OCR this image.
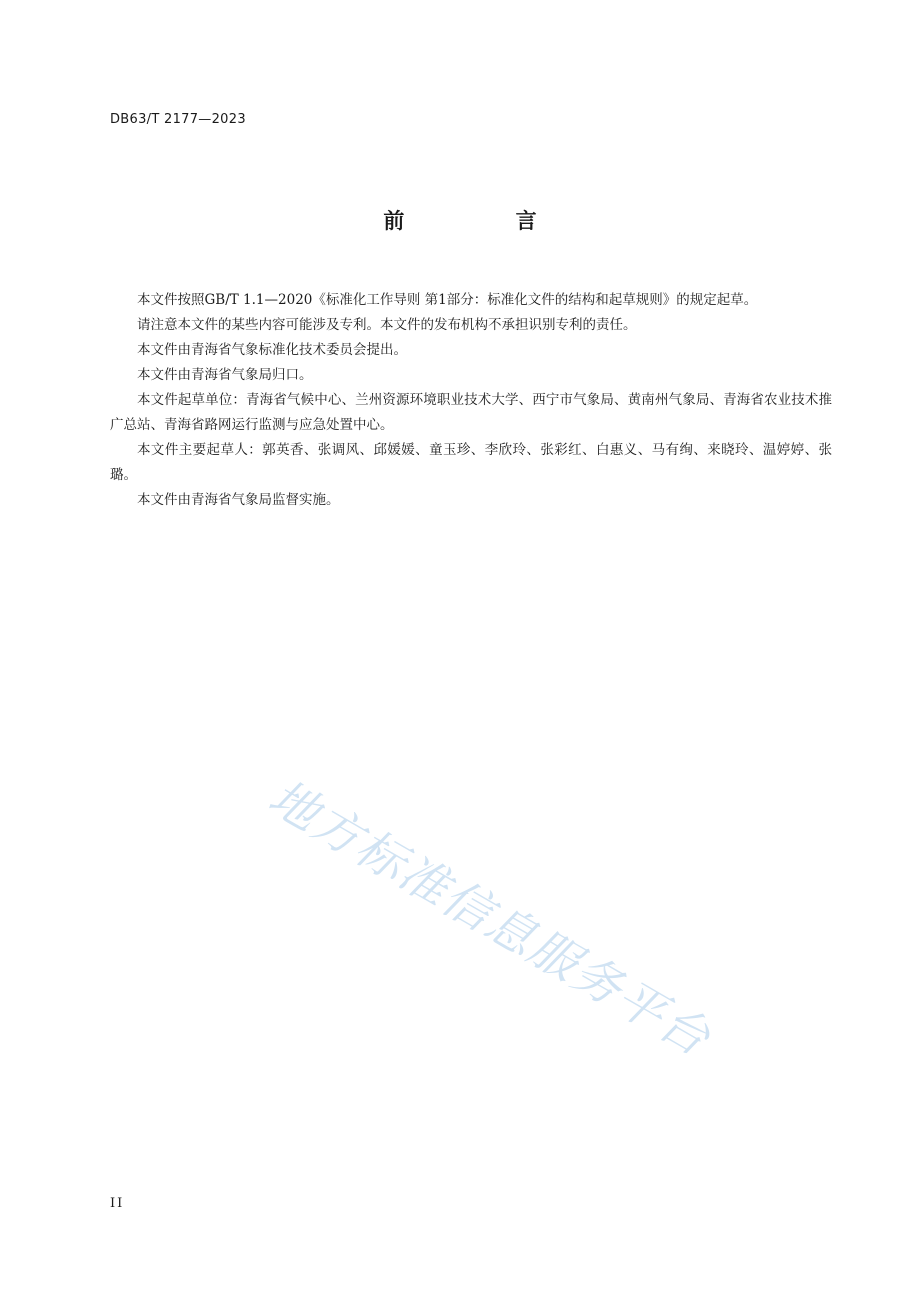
DB63/T 2177—2023
前 言

本文件按照GB/T 1.1—2020《标准化工作导则 第1部分：标准化文件的结构和起草规则》的规定起草。

请注意本文件的某些内容可能涉及专利。本文件的发布机构不承担识别专利的责任。

本文件由青海省气象标准化技术委员会提出。

本文件由青海省气象局归口。

本文件起草单位：青海省气候中心、兰州资源环境职业技术大学、西宁市气象局、黄南州气象局、青海省农业技术推广总站、青海省路网运行监测与应急处置中心。

本文件主要起草人：郭英香、张调风、邱媛媛、童玉珍、李欣玲、张彩红、白惠义、马有绚、来晓玲、温婷婷、张璐。

本文件由青海省气象局监督实施。

地方标准信息服务平台
II
